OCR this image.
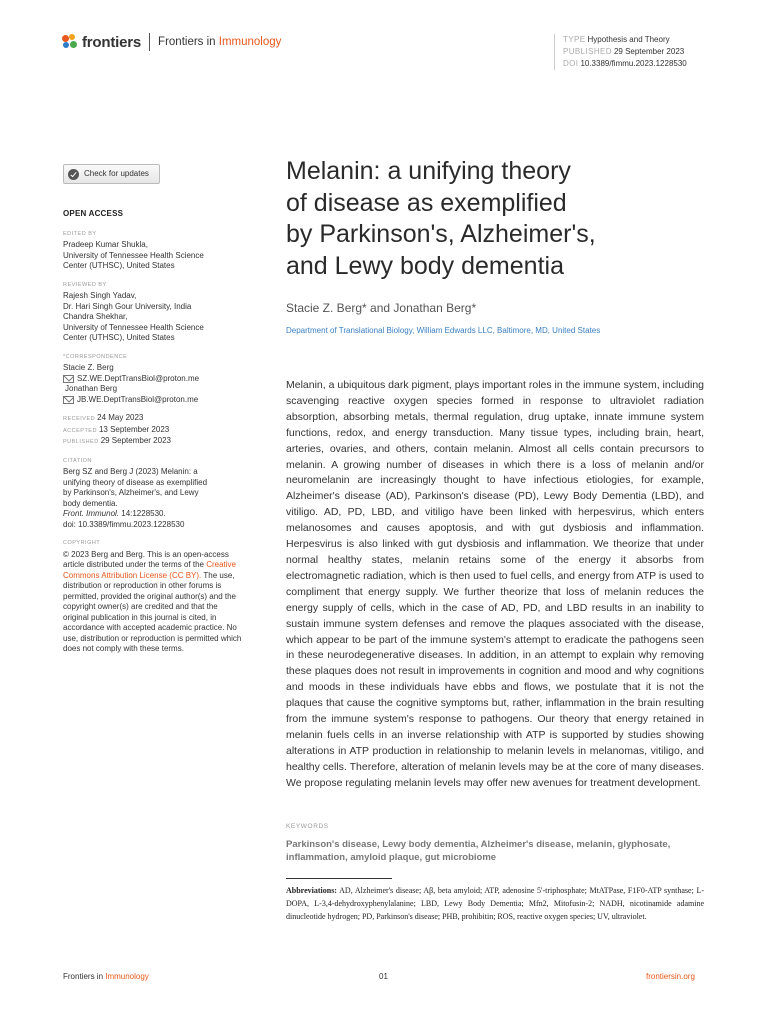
frontiers Frontiers in Immunology	TYPE Hypothesis and Theory
PUBLISHED 29 September 2023
DOI 10.3389/fimmu.2023.1228530
Check for updates
OPEN ACCESS
EDITED BY
Pradeep Kumar Shukla,
University of Tennessee Health Science
Center (UTHSC), United States
REVIEWED BY
Rajesh Singh Yadav,
Dr. Hari Singh Gour University, India
Chandra Shekhar,
University of Tennessee Health Science
Center (UTHSC), United States
*CORRESPONDENCE
Stacie Z. Berg
SZ.WE.DeptTransBiol@proton.me
Jonathan Berg
JB.WE.DeptTransBiol@proton.me
RECEIVED 24 May 2023
ACCEPTED 13 September 2023
PUBLISHED 29 September 2023
CITATION
Berg SZ and Berg J (2023) Melanin: a
unifying theory of disease as exemplified
by Parkinson's, Alzheimer's, and Lewy
body dementia.
Front. Immunol. 14:1228530.
doi: 10.3389/fimmu.2023.1228530
COPYRIGHT
© 2023 Berg and Berg. This is an open-access article distributed under the terms of the Creative Commons Attribution License (CC BY). The use, distribution or reproduction in other forums is permitted, provided the original author(s) and the copyright owner(s) are credited and that the original publication in this journal is cited, in accordance with accepted academic practice. No use, distribution or reproduction is permitted which does not comply with these terms.
Melanin: a unifying theory
of disease as exemplified
by Parkinson's, Alzheimer's,
and Lewy body dementia
Stacie Z. Berg* and Jonathan Berg*
Department of Translational Biology, William Edwards LLC, Baltimore, MD, United States

Melanin, a ubiquitous dark pigment, plays important roles in the immune system, including scavenging reactive oxygen species formed in response to ultraviolet radiation absorption, absorbing metals, thermal regulation, drug uptake, innate immune system functions, redox, and energy transduction. Many tissue types, including brain, heart, arteries, ovaries, and others, contain melanin. Almost all cells contain precursors to melanin. A growing number of diseases in which there is a loss of melanin and/or neuromelanin are increasingly thought to have infectious etiologies, for example, Alzheimer's disease (AD), Parkinson's disease (PD), Lewy Body Dementia (LBD), and vitiligo. AD, PD, LBD, and vitiligo have been linked with herpesvirus, which enters melanosomes and causes apoptosis, and with gut dysbiosis and inflammation. Herpesvirus is also linked with gut dysbiosis and inflammation. We theorize that under normal healthy states, melanin retains some of the energy it absorbs from electromagnetic radiation, which is then used to fuel cells, and energy from ATP is used to compliment that energy supply. We further theorize that loss of melanin reduces the energy supply of cells, which in the case of AD, PD, and LBD results in an inability to sustain immune system defenses and remove the plaques associated with the disease, which appear to be part of the immune system's attempt to eradicate the pathogens seen in these neurodegenerative diseases. In addition, in an attempt to explain why removing these plaques does not result in improvements in cognition and mood and why cognitions and moods in these individuals have ebbs and flows, we postulate that it is not the plaques that cause the cognitive symptoms but, rather, inflammation in the brain resulting from the immune system's response to pathogens. Our theory that energy retained in melanin fuels cells in an inverse relationship with ATP is supported by studies showing alterations in ATP production in relationship to melanin levels in melanomas, vitiligo, and healthy cells. Therefore, alteration of melanin levels may be at the core of many diseases. We propose regulating melanin levels may offer new avenues for treatment development.

KEYWORDS

Parkinson's disease, Lewy body dementia, Alzheimer's disease, melanin, glyphosate, inflammation, amyloid plaque, gut microbiome

Abbreviations: AD, Alzheimer's disease; Aβ, beta amyloid; ATP, adenosine 5'-triphosphate; MtATPase, F1F0-ATP synthase; L-DOPA, L-3,4-dehydroxyphenylalanine; LBD, Lewy Body Dementia; Mfn2, Mitofusin-2; NADH, nicotinamide adamine dinucleotide hydrogen; PD, Parkinson's disease; PHB, prohibitin; ROS, reactive oxygen species; UV, ultraviolet.

Frontiers in Immunology	01	frontiersin.org
